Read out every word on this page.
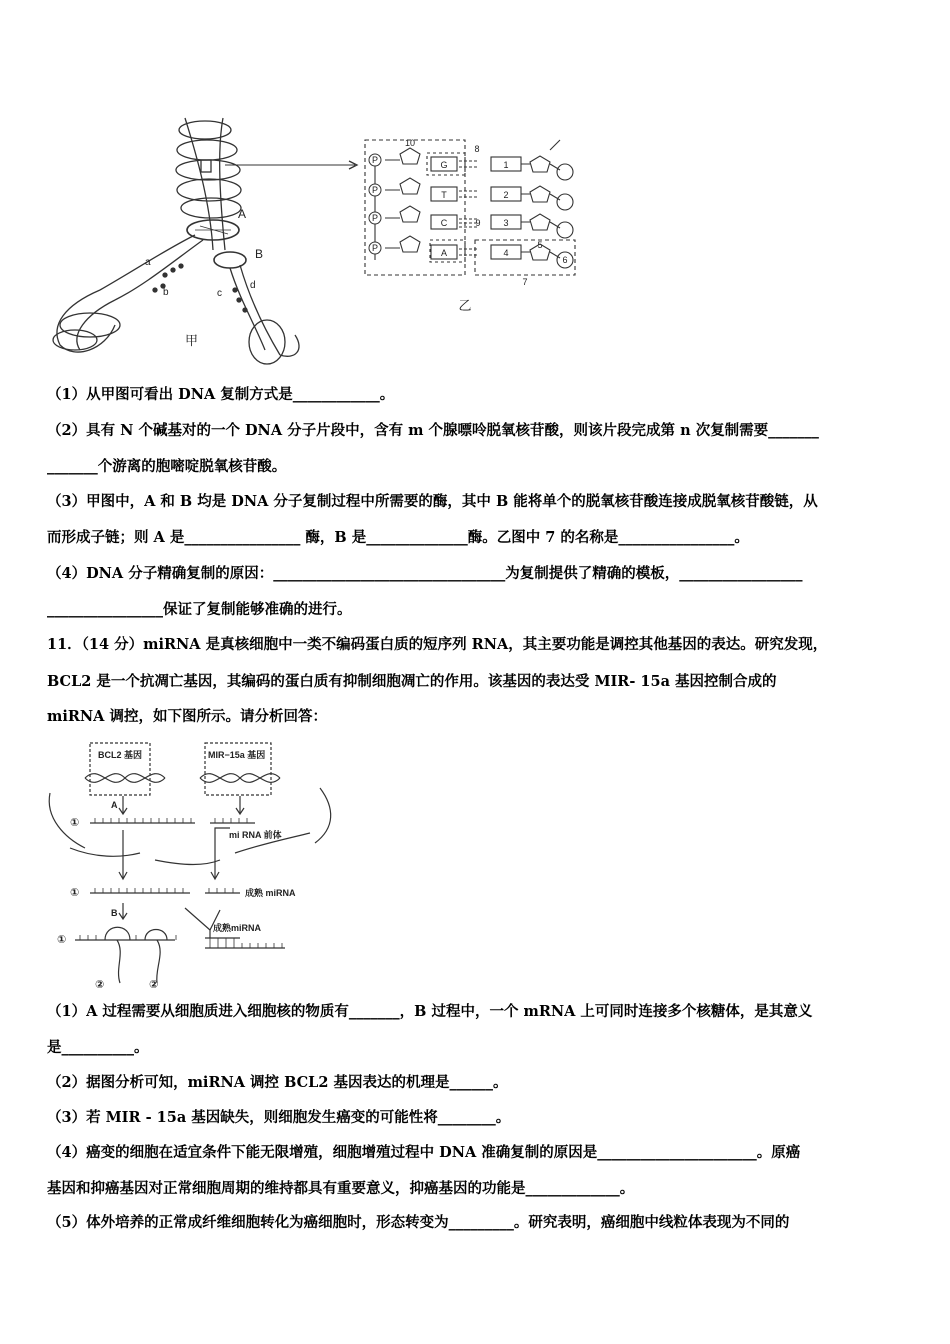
A
B
a
b	c
d
甲
P
P
P
P
G
T
C
A
1
2
3
4
5
6
10
8
9
7
乙
（1）从甲图可看出 DNA 复制方式是____________。
（2）具有 N 个碱基对的一个 DNA 分子片段中，含有 m 个腺嘌呤脱氧核苷酸，则该片段完成第 n 次复制需要_______
_______个游离的胞嘧啶脱氧核苷酸。
（3）甲图中，A 和 B 均是 DNA 分子复制过程中所需要的酶，其中 B 能将单个的脱氧核苷酸连接成脱氧核苷酸链，从
而形成子链；则 A 是________________ 酶，B 是______________酶。乙图中 7 的名称是________________。
（4）DNA 分子精确复制的原因：________________________________为复制提供了精确的模板，_________________
________________保证了复制能够准确的进行。
11．（14 分）miRNA 是真核细胞中一类不编码蛋白质的短序列 RNA，其主要功能是调控其他基因的表达。研究发现，
BCL2 是一个抗凋亡基因，其编码的蛋白质有抑制细胞凋亡的作用。该基因的表达受 MIR- 15a 基因控制合成的
miRNA 调控，如下图所示。请分析回答：
BCL2 基因	MIR−15a 基因
A
B
mi RNA 前体
成熟 miRNA
成熟miRNA
①
①
①
②	②
（1）A 过程需要从细胞质进入细胞核的物质有_______，B 过程中，一个 mRNA 上可同时连接多个核糖体，是其意义
是__________。
（2）据图分析可知，miRNA 调控 BCL2 基因表达的机理是______。
（3）若 MIR - 15a 基因缺失，则细胞发生癌变的可能性将________。
（4）癌变的细胞在适宜条件下能无限增殖，细胞增殖过程中 DNA 准确复制的原因是______________________。原癌
基因和抑癌基因对正常细胞周期的维持都具有重要意义，抑癌基因的功能是_____________。
（5）体外培养的正常成纤维细胞转化为癌细胞时，形态转变为_________。研究表明，癌细胞中线粒体表现为不同的
